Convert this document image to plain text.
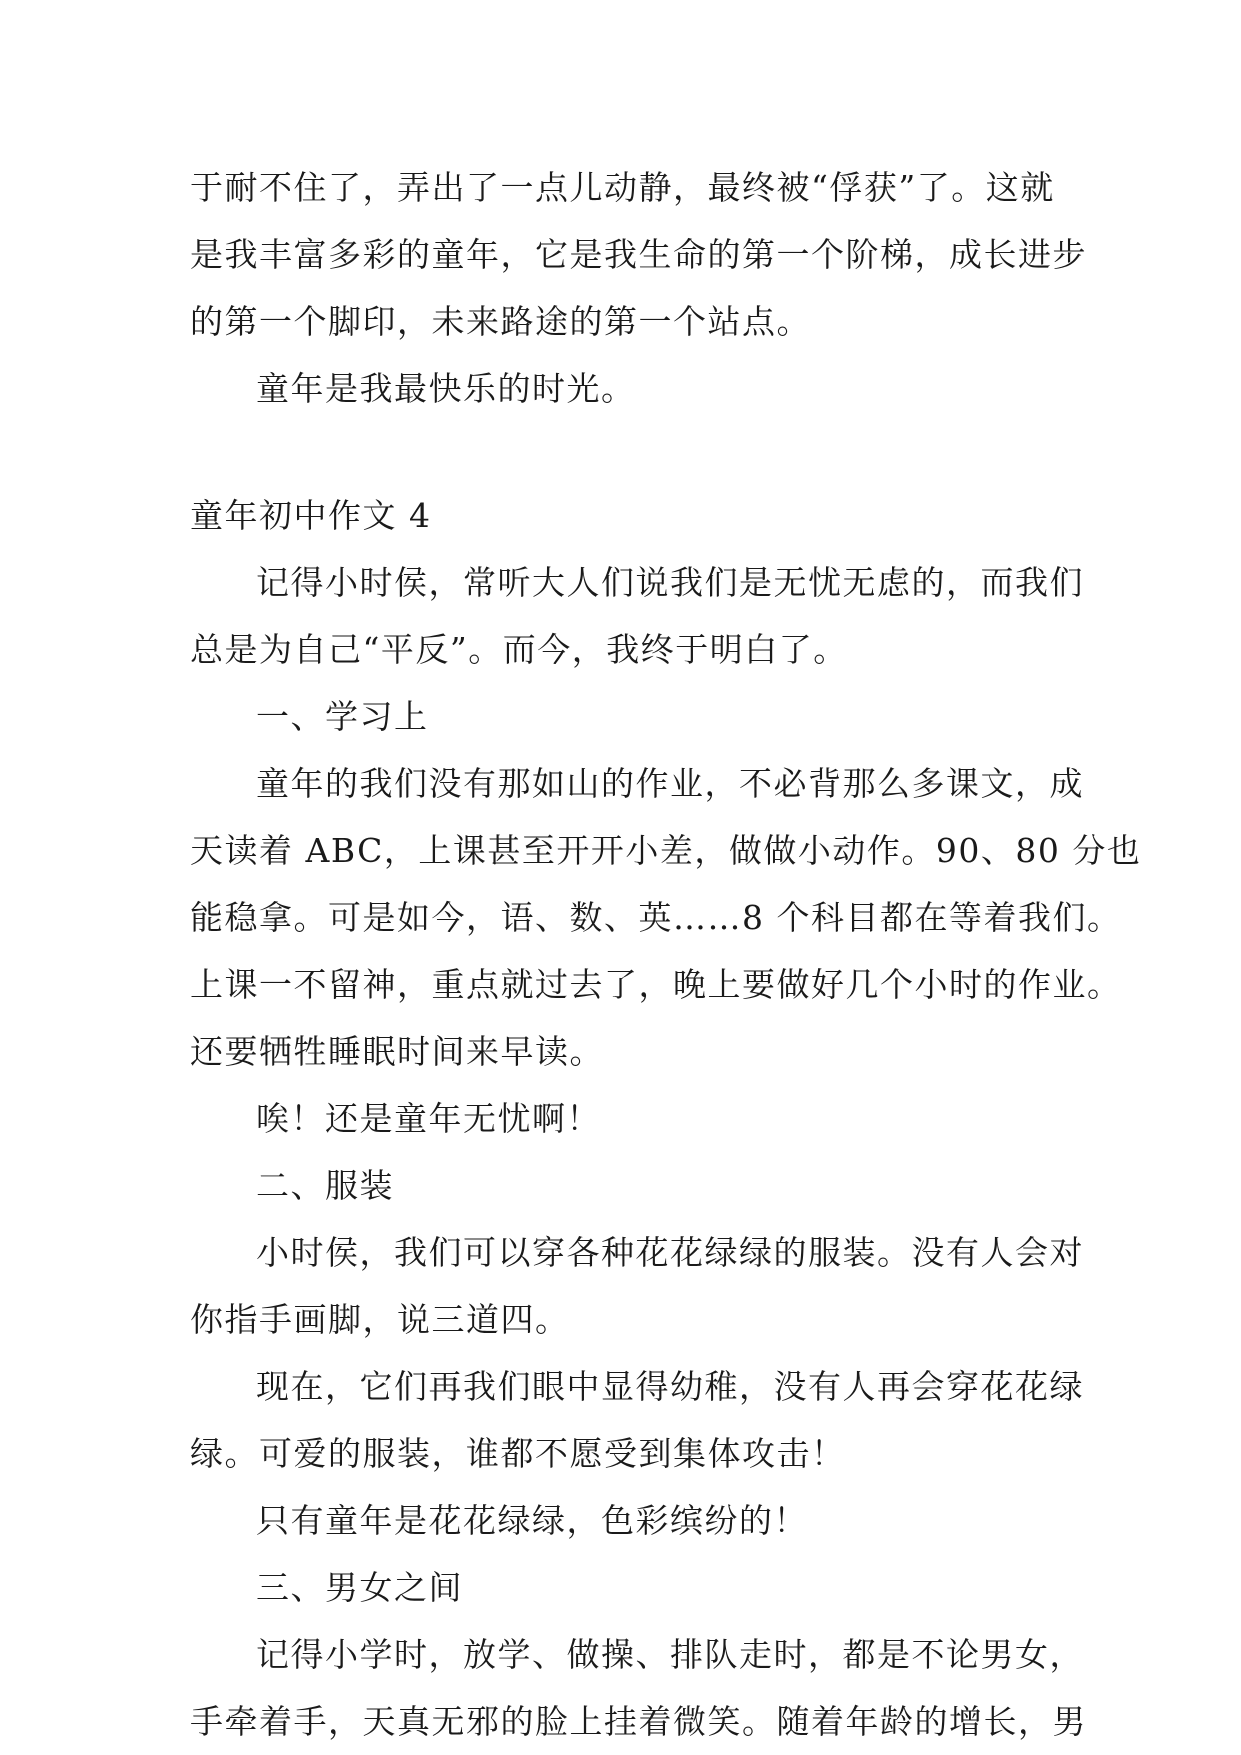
于耐不住了，弄出了一点儿动静，最终被“俘获”了。这就
是我丰富多彩的童年，它是我生命的第一个阶梯，成长进步
的第一个脚印，未来路途的第一个站点。
童年是我最快乐的时光。
童年初中作文 4
记得小时侯，常听大人们说我们是无忧无虑的，而我们
总是为自己“平反”。而今，我终于明白了。
一、学习上
童年的我们没有那如山的作业，不必背那么多课文，成
天读着 ABC，上课甚至开开小差，做做小动作。90、80 分也
能稳拿。可是如今，语、数、英……8 个科目都在等着我们。
上课一不留神，重点就过去了，晚上要做好几个小时的作业。
还要牺牲睡眠时间来早读。
唉！还是童年无忧啊！
二、服装
小时侯，我们可以穿各种花花绿绿的服装。没有人会对
你指手画脚，说三道四。
现在，它们再我们眼中显得幼稚，没有人再会穿花花绿
绿。可爱的服装，谁都不愿受到集体攻击！
只有童年是花花绿绿，色彩缤纷的！
三、男女之间
记得小学时，放学、做操、排队走时，都是不论男女，
手牵着手，天真无邪的脸上挂着微笑。随着年龄的增长，男
